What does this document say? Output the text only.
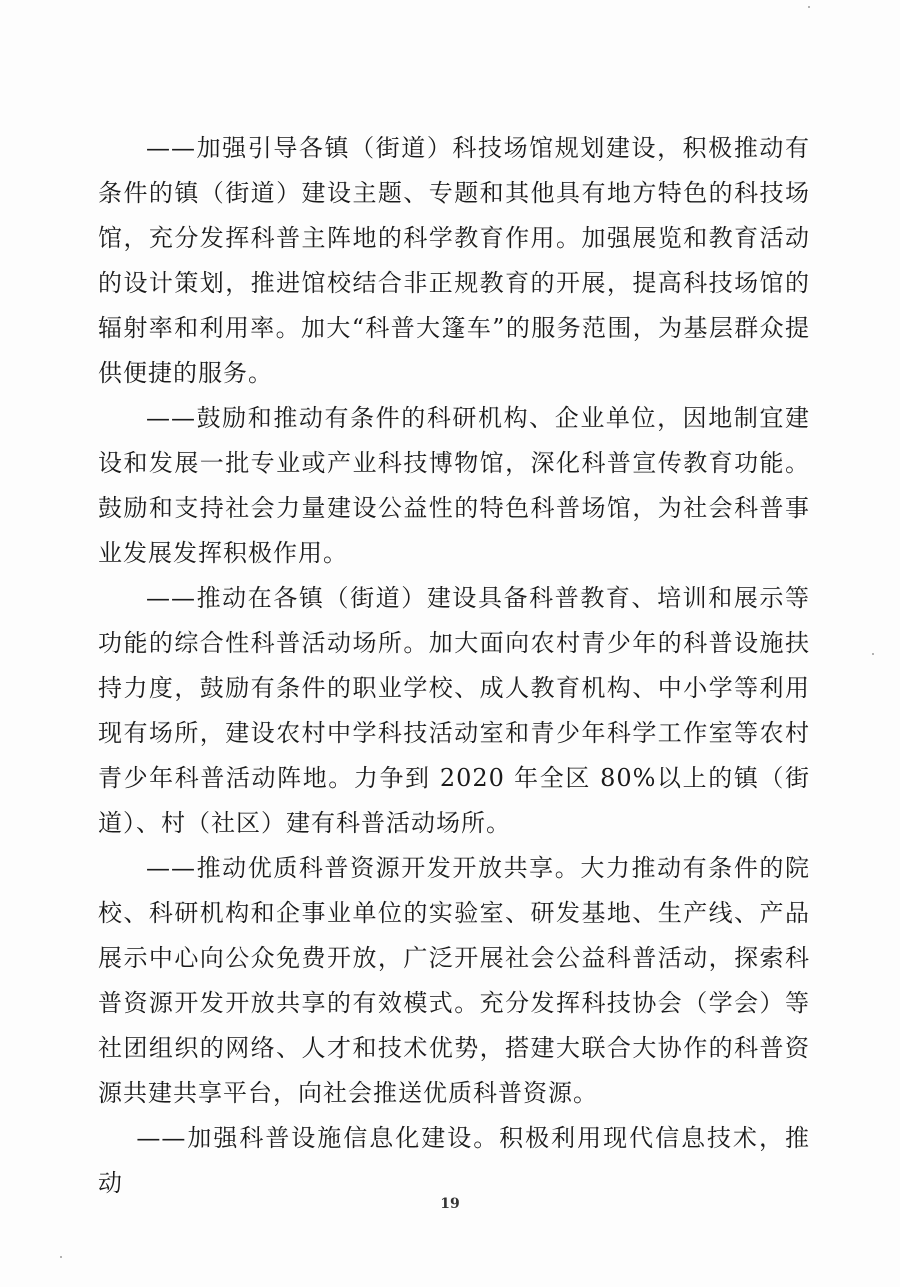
——加强引导各镇（街道）科技场馆规划建设，积极推动有条件的镇（街道）建设主题、专题和其他具有地方特色的科技场馆，充分发挥科普主阵地的科学教育作用。加强展览和教育活动的设计策划，推进馆校结合非正规教育的开展，提高科技场馆的辐射率和利用率。加大“科普大篷车”的服务范围，为基层群众提供便捷的服务。

——鼓励和推动有条件的科研机构、企业单位，因地制宜建设和发展一批专业或产业科技博物馆，深化科普宣传教育功能。鼓励和支持社会力量建设公益性的特色科普场馆，为社会科普事业发展发挥积极作用。

——推动在各镇（街道）建设具备科普教育、培训和展示等功能的综合性科普活动场所。加大面向农村青少年的科普设施扶持力度，鼓励有条件的职业学校、成人教育机构、中小学等利用现有场所，建设农村中学科技活动室和青少年科学工作室等农村青少年科普活动阵地。力争到 2020 年全区 80%以上的镇（街道）、村（社区）建有科普活动场所。

——推动优质科普资源开发开放共享。大力推动有条件的院校、科研机构和企事业单位的实验室、研发基地、生产线、产品展示中心向公众免费开放，广泛开展社会公益科普活动，探索科普资源开发开放共享的有效模式。充分发挥科技协会（学会）等社团组织的网络、人才和技术优势，搭建大联合大协作的科普资源共建共享平台，向社会推送优质科普资源。

——加强科普设施信息化建设。积极利用现代信息技术，推动

19
